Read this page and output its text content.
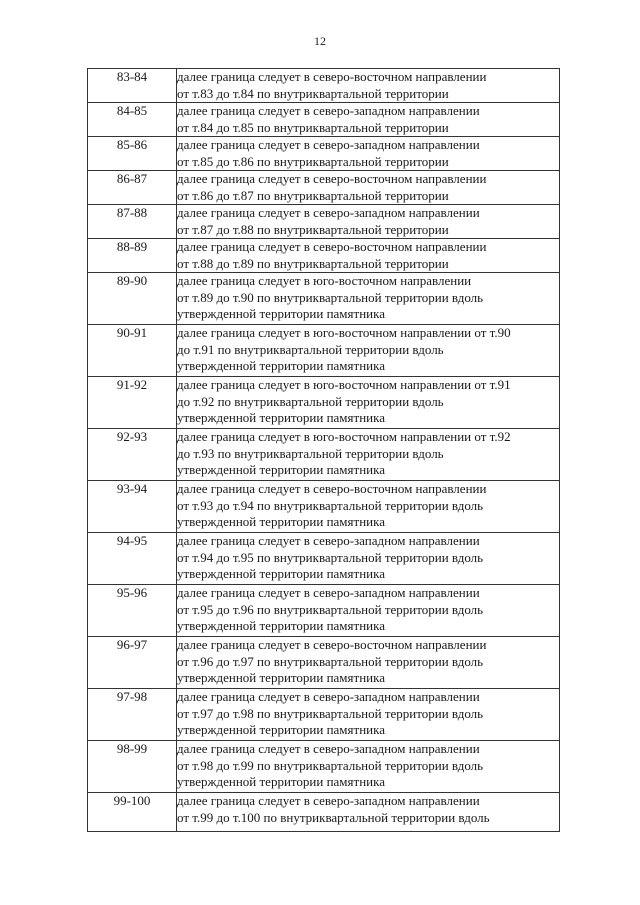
12
83-84	далее граница следует в северо-восточном направлении
от т.83 до т.84 по внутриквартальной территории

84-85	далее граница следует в северо-западном направлении
от т.84 до т.85 по внутриквартальной территории

85-86	далее граница следует в северо-западном направлении
от т.85 до т.86 по внутриквартальной территории

86-87	далее граница следует в северо-восточном направлении
от т.86 до т.87 по внутриквартальной территории

87-88	далее граница следует в северо-западном направлении
от т.87 до т.88 по внутриквартальной территории

88-89	далее граница следует в северо-восточном направлении
от т.88 до т.89 по внутриквартальной территории

89-90	далее граница следует в юго-восточном направлении
от т.89 до т.90 по внутриквартальной территории вдоль
утвержденной территории памятника

90-91	далее граница следует в юго-восточном направлении от т.90
до т.91 по внутриквартальной территории вдоль
утвержденной территории памятника

91-92	далее граница следует в юго-восточном направлении от т.91
до т.92 по внутриквартальной территории вдоль
утвержденной территории памятника

92-93	далее граница следует в юго-восточном направлении от т.92
до т.93 по внутриквартальной территории вдоль
утвержденной территории памятника

93-94	далее граница следует в северо-восточном направлении
от т.93 до т.94 по внутриквартальной территории вдоль
утвержденной территории памятника

94-95	далее граница следует в северо-западном направлении
от т.94 до т.95 по внутриквартальной территории вдоль
утвержденной территории памятника

95-96	далее граница следует в северо-западном направлении
от т.95 до т.96 по внутриквартальной территории вдоль
утвержденной территории памятника

96-97	далее граница следует в северо-восточном направлении
от т.96 до т.97 по внутриквартальной территории вдоль
утвержденной территории памятника

97-98	далее граница следует в северо-западном направлении
от т.97 до т.98 по внутриквартальной территории вдоль
утвержденной территории памятника

98-99	далее граница следует в северо-западном направлении
от т.98 до т.99 по внутриквартальной территории вдоль
утвержденной территории памятника

99-100	далее граница следует в северо-западном направлении
от т.99 до т.100 по внутриквартальной территории вдоль
